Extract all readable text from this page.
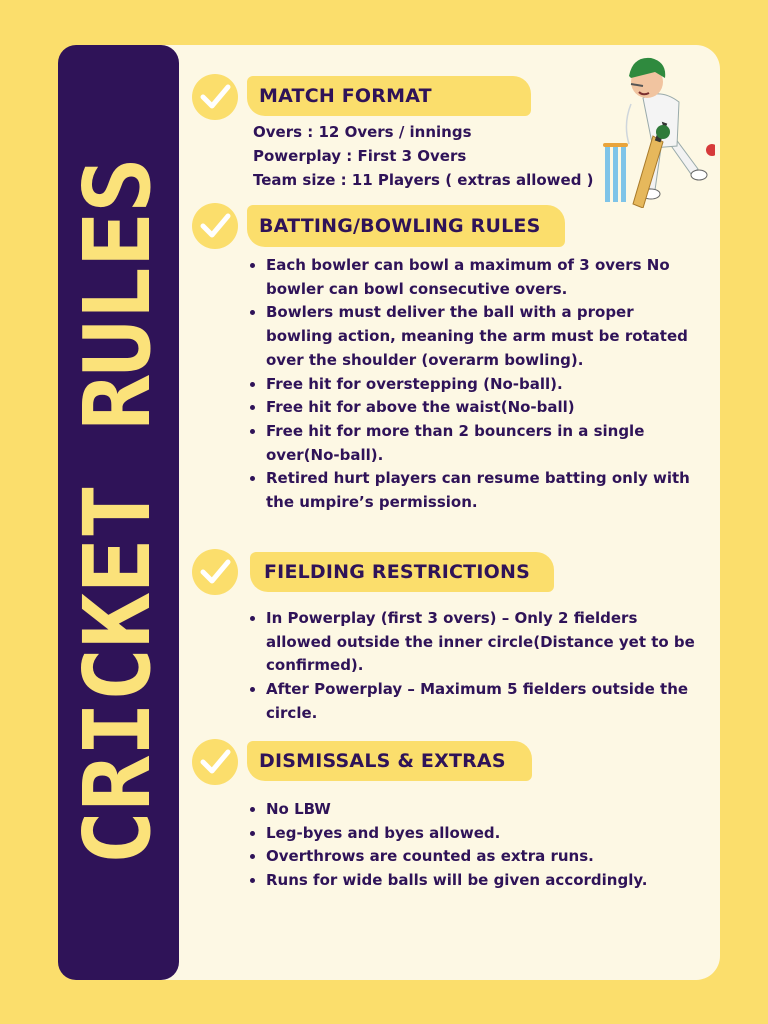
CRICKET RULES
MATCH FORMAT
Overs : 12 Overs / innings
Powerplay : First 3 Overs
Team size : 11 Players ( extras allowed )
BATTING/BOWLING RULES
• Each bowler can bowl a maximum of 3 overs No bowler can bowl consecutive overs.
• Bowlers must deliver the ball with a proper bowling action, meaning the arm must be rotated over the shoulder (overarm bowling).
• Free hit for overstepping (No-ball).
• Free hit for above the waist(No-ball)
• Free hit for more than 2 bouncers in a single over(No-ball).
• Retired hurt players can resume batting only with the umpire’s permission.
FIELDING RESTRICTIONS
• In Powerplay (first 3 overs) – Only 2 fielders allowed outside the inner circle(Distance yet to be confirmed).
• After Powerplay – Maximum 5 fielders outside the circle.
DISMISSALS & EXTRAS
• No LBW
• Leg-byes and byes allowed.
• Overthrows are counted as extra runs.
• Runs for wide balls will be given accordingly.
